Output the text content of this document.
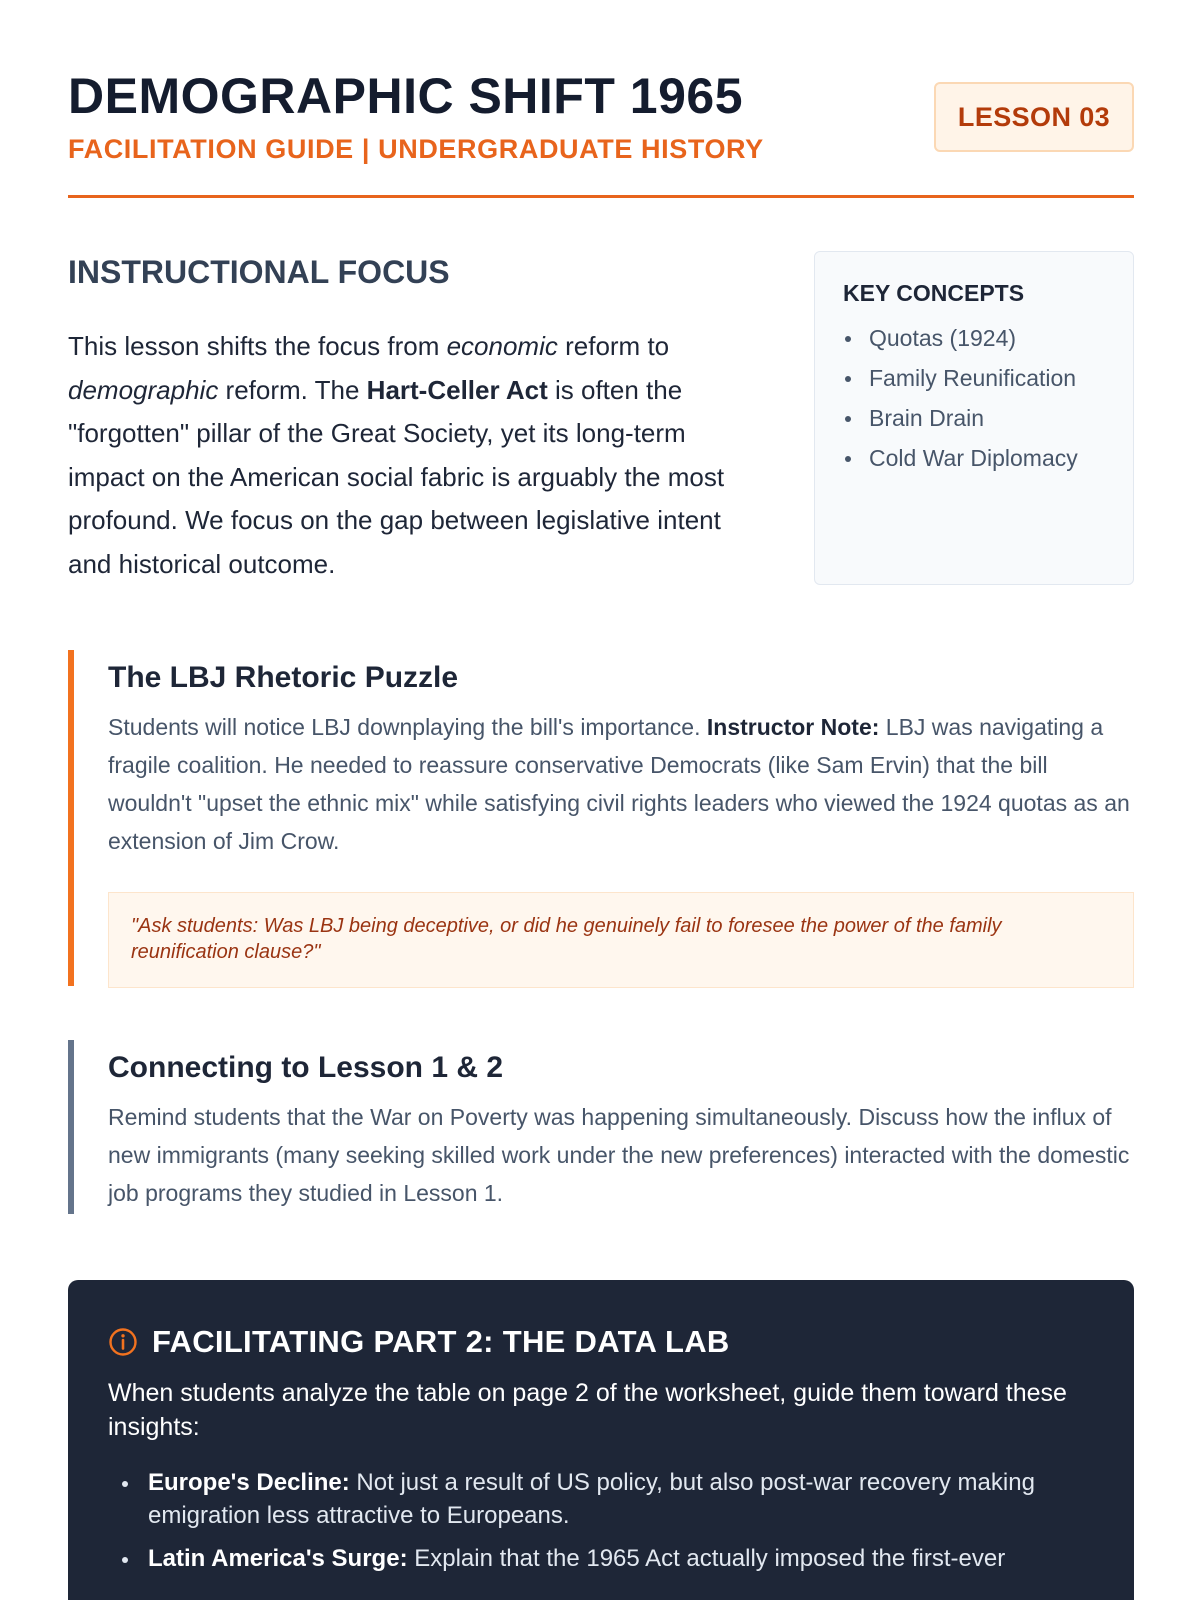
DEMOGRAPHIC SHIFT 1965
FACILITATION GUIDE | UNDERGRADUATE HISTORY
LESSON 03
INSTRUCTIONAL FOCUS

This lesson shifts the focus from economic reform to demographic reform. The Hart-Celler Act is often the "forgotten" pillar of the Great Society, yet its long-term impact on the American social fabric is arguably the most profound. We focus on the gap between legislative intent and historical outcome.

KEY CONCEPTS
Quotas (1924)
Family Reunification
Brain Drain
Cold War Diplomacy
The LBJ Rhetoric Puzzle

Students will notice LBJ downplaying the bill's importance. Instructor Note: LBJ was navigating a fragile coalition. He needed to reassure conservative Democrats (like Sam Ervin) that the bill wouldn't "upset the ethnic mix" while satisfying civil rights leaders who viewed the 1924 quotas as an extension of Jim Crow.

"Ask students: Was LBJ being deceptive, or did he genuinely fail to foresee the power of the family reunification clause?"
Connecting to Lesson 1 & 2

Remind students that the War on Poverty was happening simultaneously. Discuss how the influx of new immigrants (many seeking skilled work under the new preferences) interacted with the domestic job programs they studied in Lesson 1.

FACILITATING PART 2: THE DATA LAB

When students analyze the table on page 2 of the worksheet, guide them toward these insights:

Europe's Decline: Not just a result of US policy, but also post-war recovery making emigration less attractive to Europeans.
Latin America's Surge: Explain that the 1965 Act actually imposed the first-ever
